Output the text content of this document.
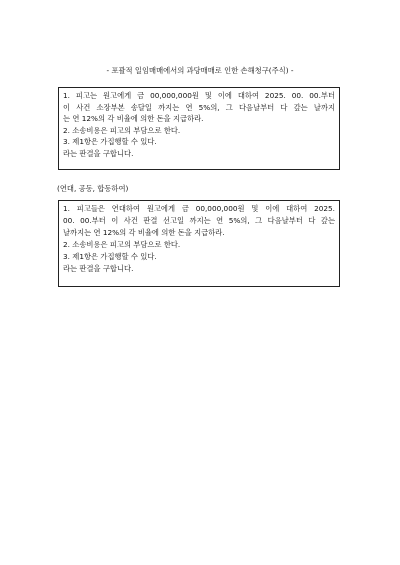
- 포괄적 일임매매에서의 과당매매로 인한 손해청구(주식) -
1. 피고는 원고에게 금 00,000,000원 및 이에 대하여 2025. 00. 00.부터
이 사건 소장부본 송달일 까지는 연 5%의, 그 다음날부터 다 갚는 날까지
는 연 12%의 각 비율에 의한 돈을 지급하라.
2. 소송비용은 피고의 부담으로 한다.
3. 제1항은 가집행할 수 있다.
라는 판결을 구합니다.
(연대, 공동, 합동하여)
1. 피고들은 연대하여 원고에게 금 00,000,000원 및 이에 대하여 2025.
00. 00.부터 이 사건 판결 선고일 까지는 연 5%의, 그 다음날부터 다 갚는
날까지는 연 12%의 각 비율에 의한 돈을 지급하라.
2. 소송비용은 피고의 부담으로 한다.
3. 제1항은 가집행할 수 있다.
라는 판결을 구합니다.
